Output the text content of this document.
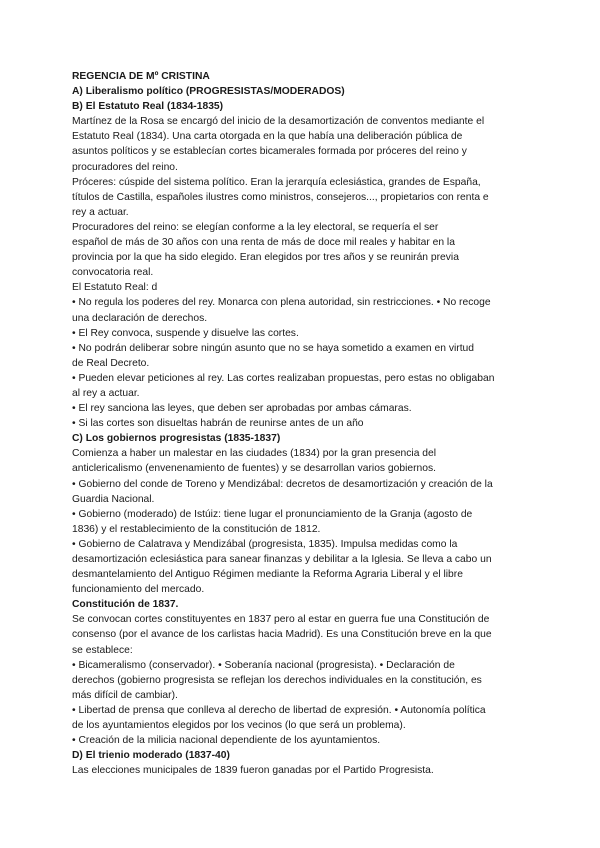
REGENCIA DE Mº CRISTINA

A) Liberalismo político (PROGRESISTAS/MODERADOS)

B) El Estatuto Real (1834-1835)

Martínez de la Rosa se encargó del inicio de la desamortización de conventos mediante el

Estatuto Real (1834). Una carta otorgada en la que había una deliberación pública de

asuntos políticos y se establecían cortes bicamerales formada por próceres del reino y

procuradores del reino.

Próceres: cúspide del sistema político. Eran la jerarquía eclesiástica, grandes de España,

títulos de Castilla, españoles ilustres como ministros, consejeros..., propietarios con renta e

rey a actuar.

Procuradores del reino: se elegían conforme a la ley electoral, se requería el ser

español de más de 30 años con una renta de más de doce mil reales y habitar en la

provincia por la que ha sido elegido. Eran elegidos por tres años y se reunirán previa

convocatoria real.

El Estatuto Real: d

• No regula los poderes del rey. Monarca con plena autoridad, sin restricciones. • No recoge

una declaración de derechos.

• El Rey convoca, suspende y disuelve las cortes.

• No podrán deliberar sobre ningún asunto que no se haya sometido a examen en virtud

de Real Decreto.

• Pueden elevar peticiones al rey. Las cortes realizaban propuestas, pero estas no obligaban

al rey a actuar.

• El rey sanciona las leyes, que deben ser aprobadas por ambas cámaras.

• Si las cortes son disueltas habrán de reunirse antes de un año

C) Los gobiernos progresistas (1835-1837)

Comienza a haber un malestar en las ciudades (1834) por la gran presencia del

anticlericalismo (envenenamiento de fuentes) y se desarrollan varios gobiernos.

• Gobierno del conde de Toreno y Mendizábal: decretos de desamortización y creación de la

Guardia Nacional.

• Gobierno (moderado) de Istúiz: tiene lugar el pronunciamiento de la Granja (agosto de

1836) y el restablecimiento de la constitución de 1812.

• Gobierno de Calatrava y Mendizábal (progresista, 1835). Impulsa medidas como la

desamortización eclesiástica para sanear finanzas y debilitar a la Iglesia. Se lleva a cabo un

desmantelamiento del Antiguo Régimen mediante la Reforma Agraria Liberal y el libre

funcionamiento del mercado.

Constitución de 1837.

Se convocan cortes constituyentes en 1837 pero al estar en guerra fue una Constitución de

consenso (por el avance de los carlistas hacia Madrid). Es una Constitución breve en la que

se establece:

• Bicameralismo (conservador). • Soberanía nacional (progresista). • Declaración de

derechos (gobierno progresista se reflejan los derechos individuales en la constitución, es

más difícil de cambiar).

• Libertad de prensa que conlleva al derecho de libertad de expresión. • Autonomía política

de los ayuntamientos elegidos por los vecinos (lo que será un problema).

• Creación de la milicia nacional dependiente de los ayuntamientos.

D) El trienio moderado (1837-40)

Las elecciones municipales de 1839 fueron ganadas por el Partido Progresista.
